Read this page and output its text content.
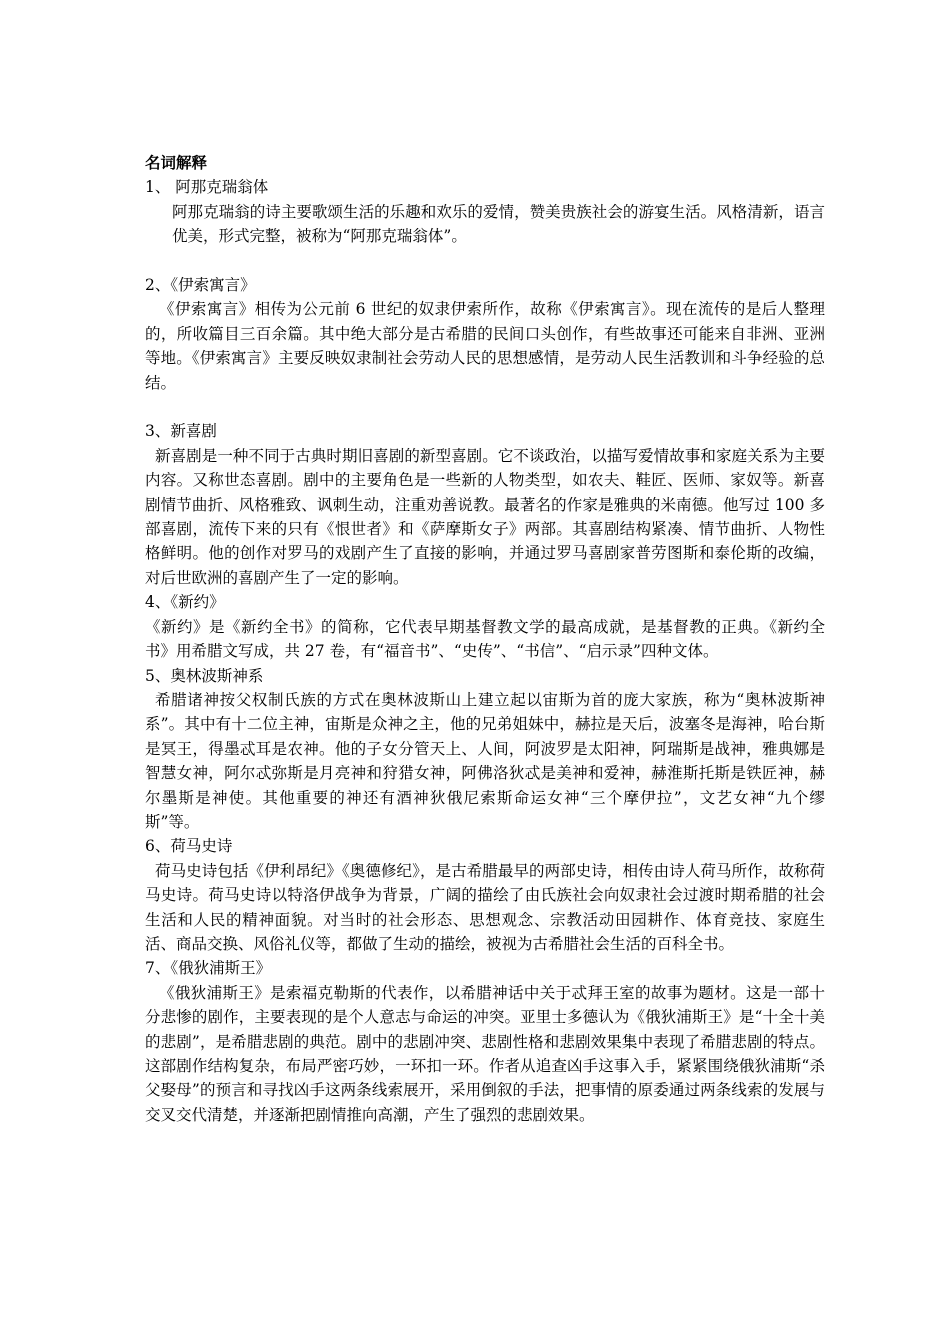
名词解释
1、 阿那克瑞翁体
阿那克瑞翁的诗主要歌颂生活的乐趣和欢乐的爱情，赞美贵族社会的游宴生活。风格清新，语言优美，形式完整，被称为“阿那克瑞翁体”。
2、《伊索寓言》
《伊索寓言》相传为公元前 6 世纪的奴隶伊索所作，故称《伊索寓言》。现在流传的是后人整理的，所收篇目三百余篇。其中绝大部分是古希腊的民间口头创作，有些故事还可能来自非洲、亚洲等地。《伊索寓言》主要反映奴隶制社会劳动人民的思想感情，是劳动人民生活教训和斗争经验的总结。
3、新喜剧
新喜剧是一种不同于古典时期旧喜剧的新型喜剧。它不谈政治，以描写爱情故事和家庭关系为主要内容。又称世态喜剧。剧中的主要角色是一些新的人物类型，如农夫、鞋匠、医师、家奴等。新喜剧情节曲折、风格雅致、讽刺生动，注重劝善说教。最著名的作家是雅典的米南德。他写过 100 多部喜剧，流传下来的只有《恨世者》和《萨摩斯女子》两部。其喜剧结构紧凑、情节曲折、人物性格鲜明。他的创作对罗马的戏剧产生了直接的影响，并通过罗马喜剧家普劳图斯和泰伦斯的改编，对后世欧洲的喜剧产生了一定的影响。
4、《新约》
《新约》是《新约全书》的简称，它代表早期基督教文学的最高成就，是基督教的正典。《新约全书》用希腊文写成，共 27 卷，有“福音书”、“史传”、“书信”、“启示录”四种文体。
5、奥林波斯神系
希腊诸神按父权制氏族的方式在奥林波斯山上建立起以宙斯为首的庞大家族，称为“奥林波斯神系”。其中有十二位主神，宙斯是众神之主，他的兄弟姐妹中，赫拉是天后，波塞冬是海神，哈台斯是冥王，得墨忒耳是农神。他的子女分管天上、人间，阿波罗是太阳神，阿瑞斯是战神，雅典娜是智慧女神，阿尔忒弥斯是月亮神和狩猎女神，阿佛洛狄忒是美神和爱神，赫淮斯托斯是铁匠神，赫尔墨斯是神使。其他重要的神还有酒神狄俄尼索斯命运女神“三个摩伊拉”，文艺女神“九个缪斯”等。
6、荷马史诗
荷马史诗包括《伊利昂纪》《奥德修纪》，是古希腊最早的两部史诗，相传由诗人荷马所作，故称荷马史诗。荷马史诗以特洛伊战争为背景，广阔的描绘了由氏族社会向奴隶社会过渡时期希腊的社会生活和人民的精神面貌。对当时的社会形态、思想观念、宗教活动田园耕作、体育竞技、家庭生活、商品交换、风俗礼仪等，都做了生动的描绘，被视为古希腊社会生活的百科全书。
7、《俄狄浦斯王》
《俄狄浦斯王》是索福克勒斯的代表作，以希腊神话中关于忒拜王室的故事为题材。这是一部十分悲惨的剧作，主要表现的是个人意志与命运的冲突。亚里士多德认为《俄狄浦斯王》是“十全十美的悲剧”，是希腊悲剧的典范。剧中的悲剧冲突、悲剧性格和悲剧效果集中表现了希腊悲剧的特点。这部剧作结构复杂，布局严密巧妙，一环扣一环。作者从追查凶手这事入手，紧紧围绕俄狄浦斯“杀父娶母”的预言和寻找凶手这两条线索展开，采用倒叙的手法，把事情的原委通过两条线索的发展与交叉交代清楚，并逐渐把剧情推向高潮，产生了强烈的悲剧效果。
